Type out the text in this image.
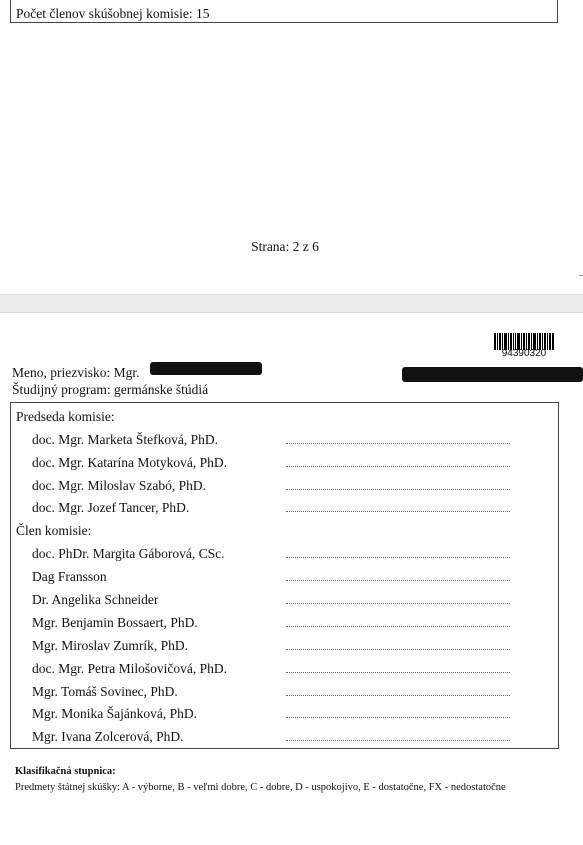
Počet členov skúšobnej komisie: 15
Strana: 2 z 6
94390320
Meno, priezvisko: Mgr.
Študijný program: germánske štúdiá
Predseda komisie:
doc. Mgr. Marketa Štefková, PhD.
doc. Mgr. Katarína Motyková, PhD.
doc. Mgr. Miloslav Szabó, PhD.
doc. Mgr. Jozef Tancer, PhD.
Člen komisie:
doc. PhDr. Margita Gáborová, CSc.
Dag Fransson
Dr. Angelika Schneider
Mgr. Benjamin Bossaert, PhD.
Mgr. Miroslav Zumrík, PhD.
doc. Mgr. Petra Milošovičová, PhD.
Mgr. Tomáš Sovinec, PhD.
Mgr. Monika Šajánková, PhD.
Mgr. Ivana Zolcerová, PhD.
Klasifikačná stupnica:
Predmety štátnej skúšky: A - výborne, B - veľmi dobre, C - dobre, D - uspokojivo, E - dostatočne, FX - nedostatočne
